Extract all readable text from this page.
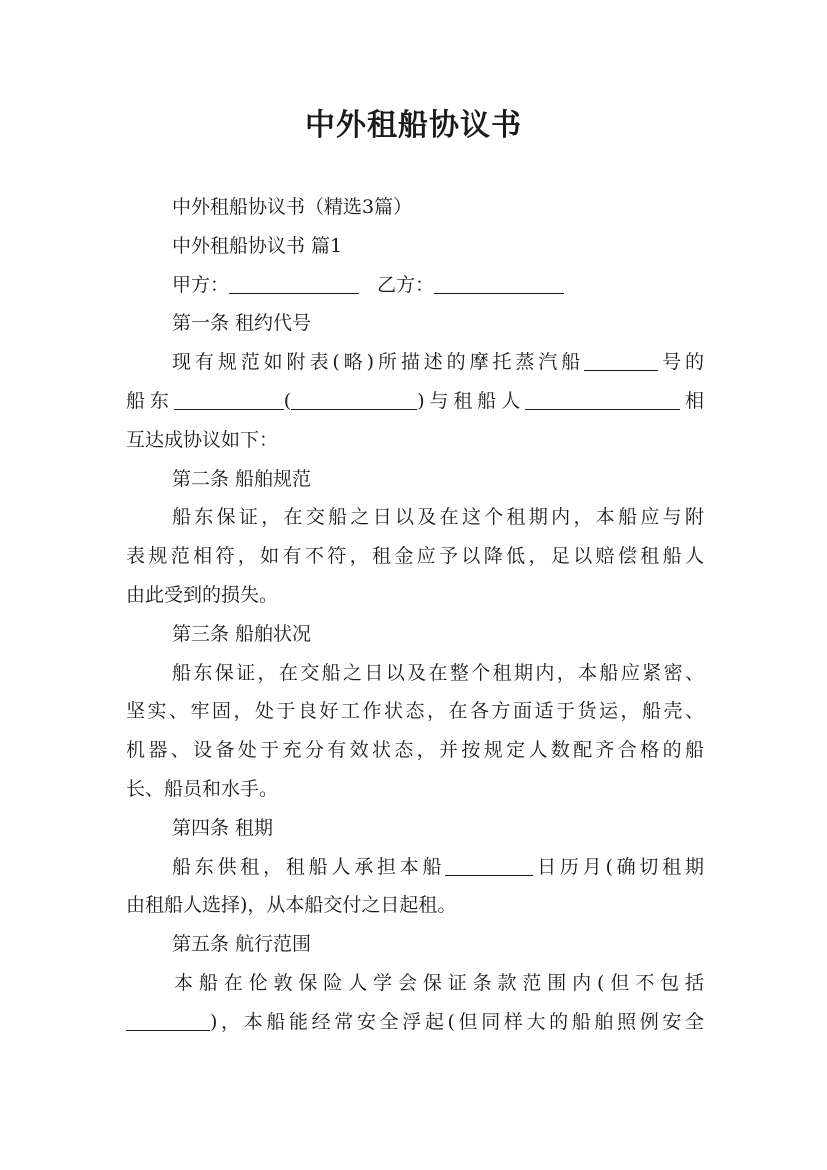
中外租船协议书
中外租船协议书（精选3篇）
中外租船协议书 篇1
甲方：	乙方：
第一条 租约代号
现有规范如附表(略)所描述的摩托蒸汽船	号的
船东	(	)与租船人	相
互达成协议如下：
第二条 船舶规范
船东保证，在交船之日以及在这个租期内，本船应与附
表规范相符，如有不符，租金应予以降低，足以赔偿租船人
由此受到的损失。
第三条 船舶状况
船东保证，在交船之日以及在整个租期内，本船应紧密、
坚实、牢固，处于良好工作状态，在各方面适于货运，船壳、
机器、设备处于充分有效状态，并按规定人数配齐合格的船
长、船员和水手。
第四条 租期
船东供租，租船人承担本船	日历月(确切租期
由租船人选择)，从本船交付之日起租。
第五条 航行范围
本船在伦敦保险人学会保证条款范围内(但不包括
)，本船能经常安全浮起(但同样大的船舶照例安全
